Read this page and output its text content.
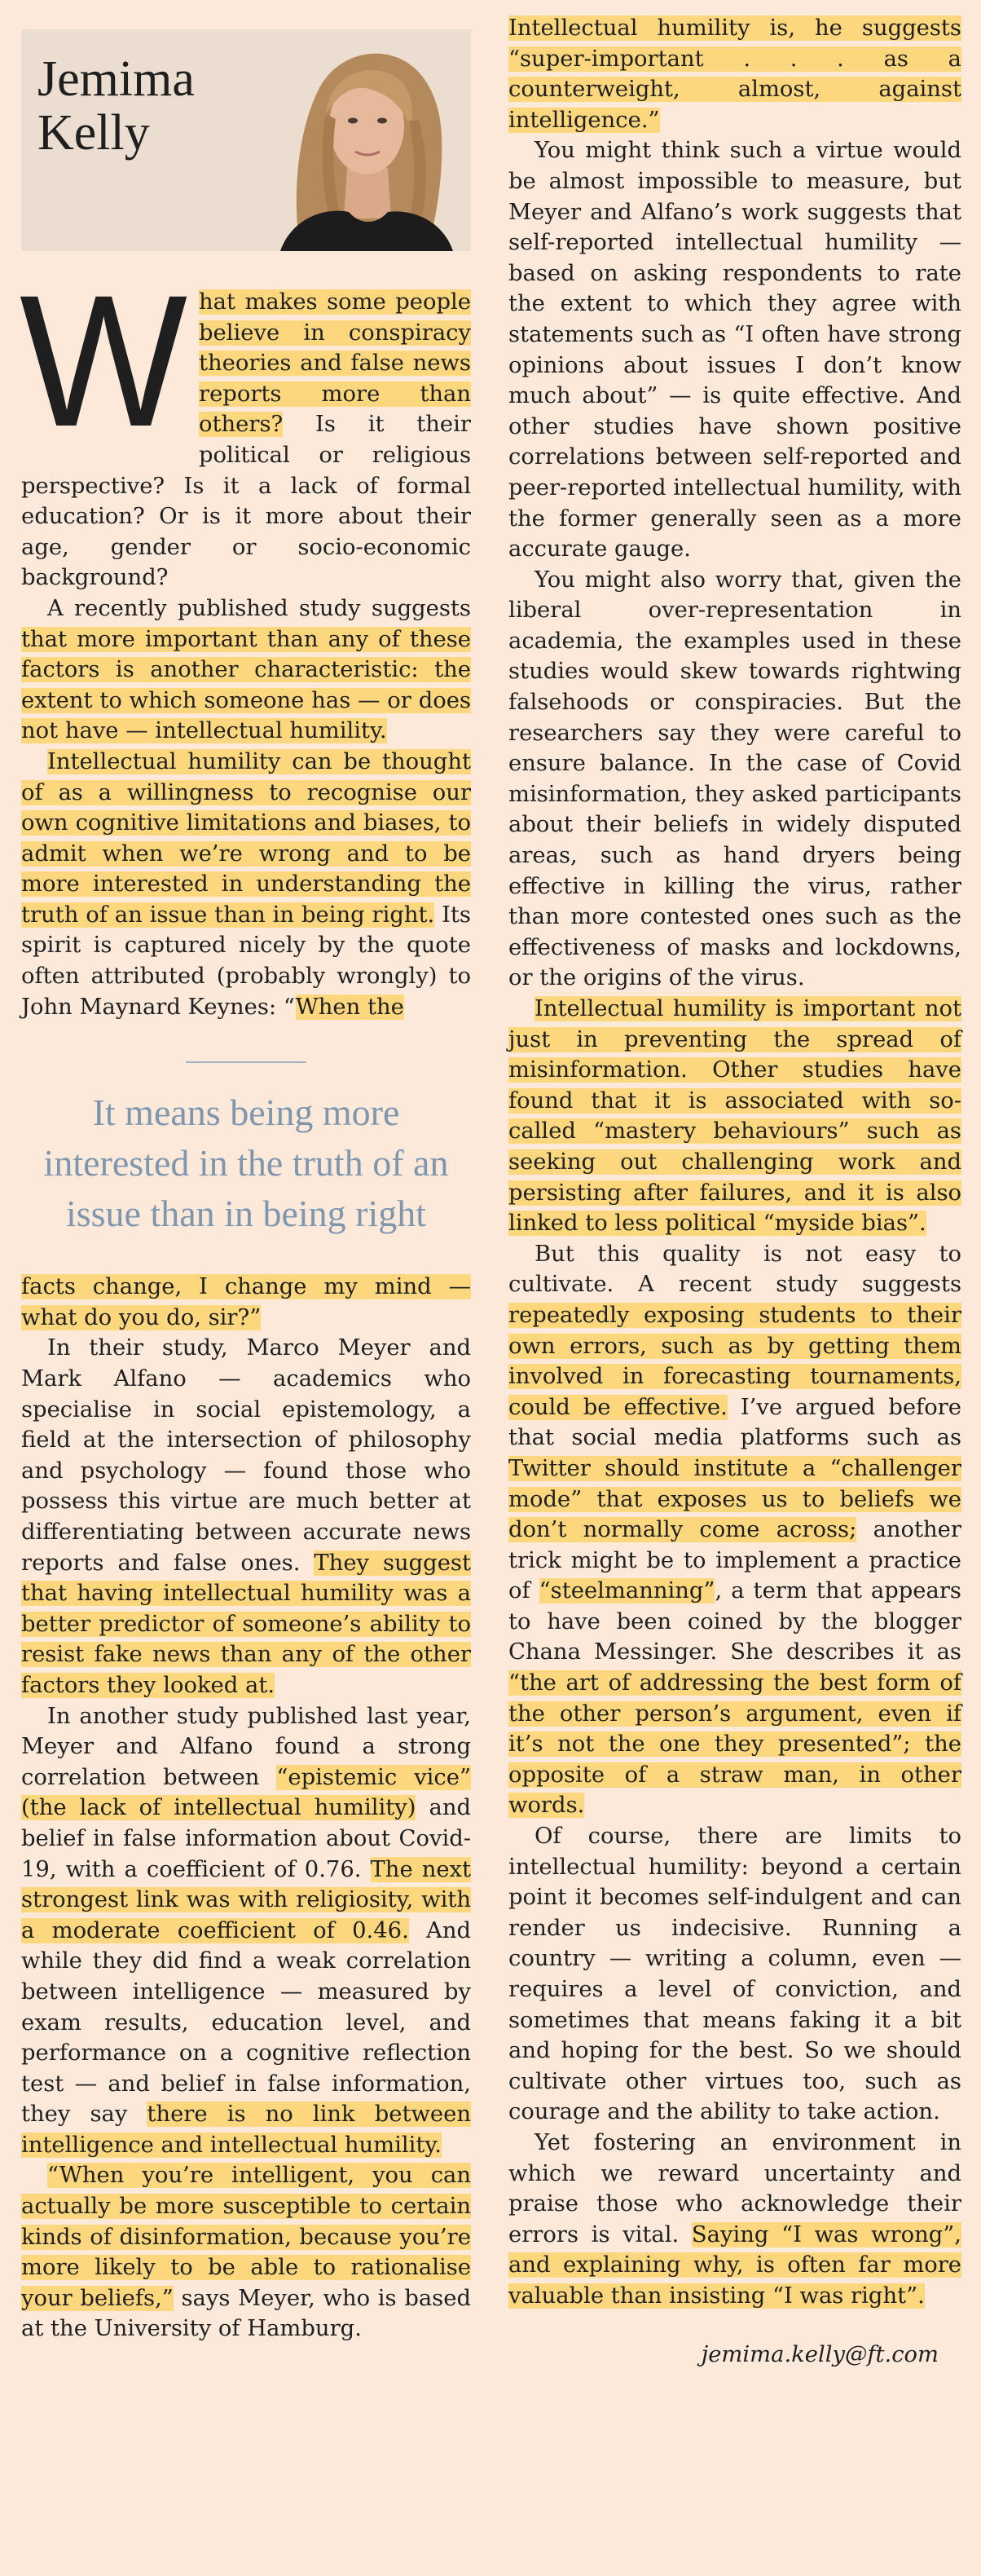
Jemima
Kelly

W hat makes some people believe in conspiracy theories and false news reports more than others? Is it their political or religious perspective? Is it a lack of formal education? Or is it more about their age, gender or socio-economic background?

A recently published study suggests that more important than any of these factors is another characteristic: the extent to which someone has — or does not have — intellectual humility.

Intellectual humility can be thought of as a willingness to recognise our own cognitive limitations and biases, to admit when we’re wrong and to be more interested in understanding the truth of an issue than in being right. Its spirit is captured nicely by the quote often attributed (probably wrongly) to John Maynard Keynes: “When the

It means being more interested in the truth of an issue than in being right

facts change, I change my mind — what do you do, sir?”

In their study, Marco Meyer and Mark Alfano — academics who specialise in social epistemology, a field at the intersection of philosophy and psychology — found those who possess this virtue are much better at differentiating between accurate news reports and false ones. They suggest that having intellectual humility was a better predictor of someone’s ability to resist fake news than any of the other factors they looked at.

In another study published last year, Meyer and Alfano found a strong correlation between “epistemic vice” (the lack of intellectual humility) and belief in false information about Covid-19, with a coefficient of 0.76. The next strongest link was with religiosity, with a moderate coefficient of 0.46. And while they did find a weak correlation between intelligence — measured by exam results, education level, and performance on a cognitive reflection test — and belief in false information, they say there is no link between intelligence and intellectual humility.

“When you’re intelligent, you can actually be more susceptible to certain kinds of disinformation, because you’re more likely to be able to rationalise your beliefs,” says Meyer, who is based at the University of Hamburg.

Intellectual humility is, he suggests “super-important . . . as a counterweight, almost, against intelligence.”

You might think such a virtue would be almost impossible to measure, but Meyer and Alfano’s work suggests that self-reported intellectual humility — based on asking respondents to rate the extent to which they agree with statements such as “I often have strong opinions about issues I don’t know much about” — is quite effective. And other studies have shown positive correlations between self-reported and peer-reported intellectual humility, with the former generally seen as a more accurate gauge.

You might also worry that, given the liberal over-representation in academia, the examples used in these studies would skew towards rightwing falsehoods or conspiracies. But the researchers say they were careful to ensure balance. In the case of Covid misinformation, they asked participants about their beliefs in widely disputed areas, such as hand dryers being effective in killing the virus, rather than more contested ones such as the effectiveness of masks and lockdowns, or the origins of the virus.

Intellectual humility is important not just in preventing the spread of misinformation. Other studies have found that it is associated with so-called “mastery behaviours” such as seeking out challenging work and persisting after failures, and it is also linked to less political “myside bias”.

But this quality is not easy to cultivate. A recent study suggests repeatedly exposing students to their own errors, such as by getting them involved in forecasting tournaments, could be effective. I’ve argued before that social media platforms such as Twitter should institute a “challenger mode” that exposes us to beliefs we don’t normally come across; another trick might be to implement a practice of “steelmanning”, a term that appears to have been coined by the blogger Chana Messinger. She describes it as “the art of addressing the best form of the other person’s argument, even if it’s not the one they presented”; the opposite of a straw man, in other words.

Of course, there are limits to intellectual humility: beyond a certain point it becomes self-indulgent and can render us indecisive. Running a country — writing a column, even — requires a level of conviction, and sometimes that means faking it a bit and hoping for the best. So we should cultivate other virtues too, such as courage and the ability to take action.

Yet fostering an environment in which we reward uncertainty and praise those who acknowledge their errors is vital. Saying “I was wrong”, and explaining why, is often far more valuable than insisting “I was right”.

jemima.kelly@ft.com
